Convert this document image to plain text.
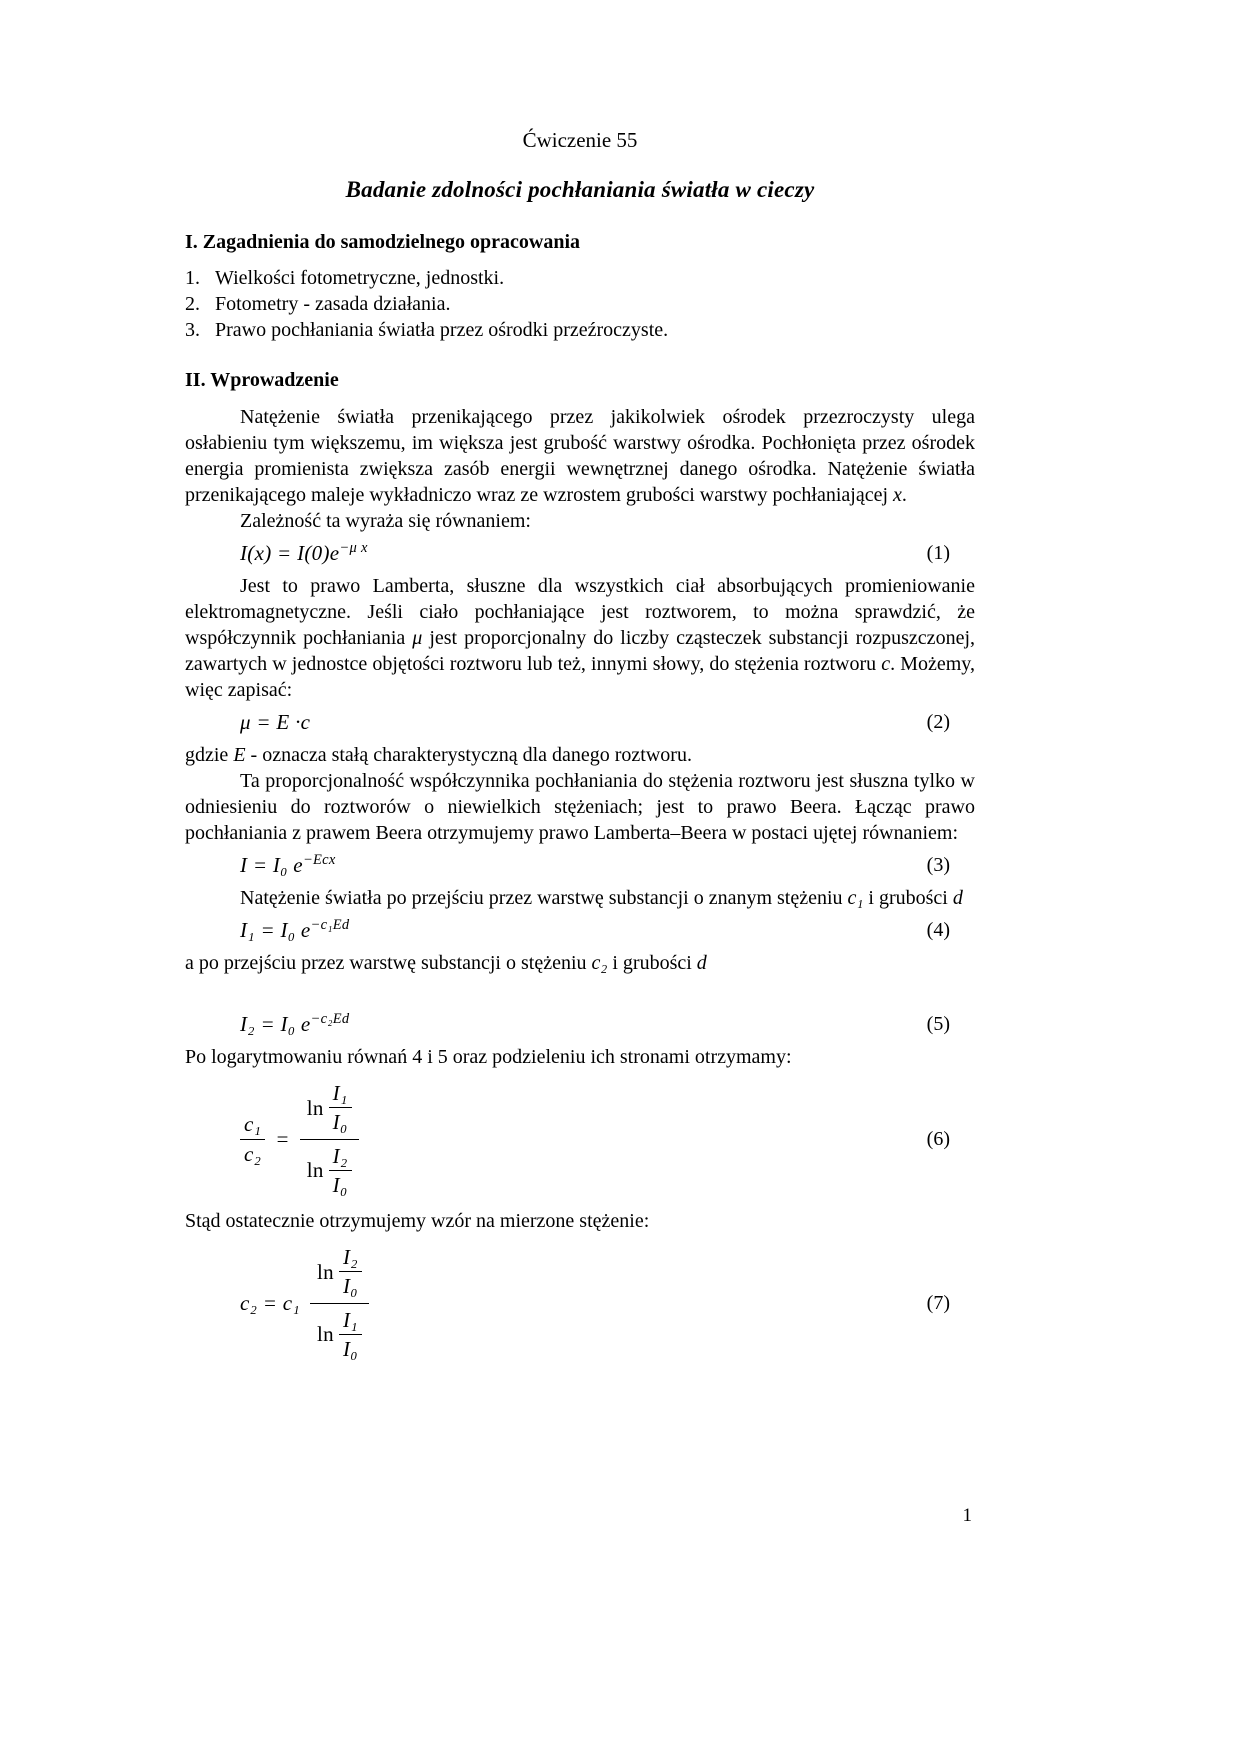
Ćwiczenie 55
Badanie zdolności pochłaniania światła w cieczy
I. Zagadnienia do samodzielnego opracowania
1. Wielkości fotometryczne, jednostki.
2. Fotometry - zasada działania.
3. Prawo pochłaniania światła przez ośrodki przeźroczyste.
II. Wprowadzenie

Natężenie światła przenikającego przez jakikolwiek ośrodek przezroczysty ulega osłabieniu tym większemu, im większa jest grubość warstwy ośrodka. Pochłonięta przez ośrodek energia promienista zwiększa zasób energii wewnętrznej danego ośrodka. Natężenie światła przenikającego maleje wykładniczo wraz ze wzrostem grubości warstwy pochłaniającej x.

Zależność ta wyraża się równaniem:

$I(x) = I(0)e^{-\mu x}$	(1)

Jest to prawo Lamberta, słuszne dla wszystkich ciał absorbujących promieniowanie elektromagnetyczne. Jeśli ciało pochłaniające jest roztworem, to można sprawdzić, że współczynnik pochłaniania μ jest proporcjonalny do liczby cząsteczek substancji rozpuszczonej, zawartych w jednostce objętości roztworu lub też, innymi słowy, do stężenia roztworu c. Możemy, więc zapisać:

μ = E ·c	(2)

gdzie E - oznacza stałą charakterystyczną dla danego roztworu.

Ta proporcjonalność współczynnika pochłaniania do stężenia roztworu jest słuszna tylko w odniesieniu do roztworów o niewielkich stężeniach; jest to prawo Beera. Łącząc prawo pochłaniania z prawem Beera otrzymujemy prawo Lamberta–Beera w postaci ujętej równaniem:

I = I₀ $e^{-Ecx}$	(3)

Natężenie światła po przejściu przez warstwę substancji o znanym stężeniu c₁ i grubości d

I₁ = I₀ $e^{-c_1Ed}$	(4)

a po przejściu przez warstwę substancji o stężeniu c₂ i grubości d

I₂ = I₀ $e^{-c_2Ed}$	(5)

Po logarytmowaniu równań 4 i 5 oraz podzieleniu ich stronami otrzymamy:

$\frac{\text{c₁}}{\text{c₂}} = \frac{\ln \frac{\text{I₁}}{\text{I₀}}}{\ln \frac{\text{I₂}}{\text{I₀}}}$	(6)

Stąd ostatecznie otrzymujemy wzór na mierzone stężenie:

$c_2 = c_1 \frac{\ln \frac{\text{I₂}}{\text{I₀}}}{\ln \frac{\text{I₁}}{\text{I₀}}}$	(7)
1
